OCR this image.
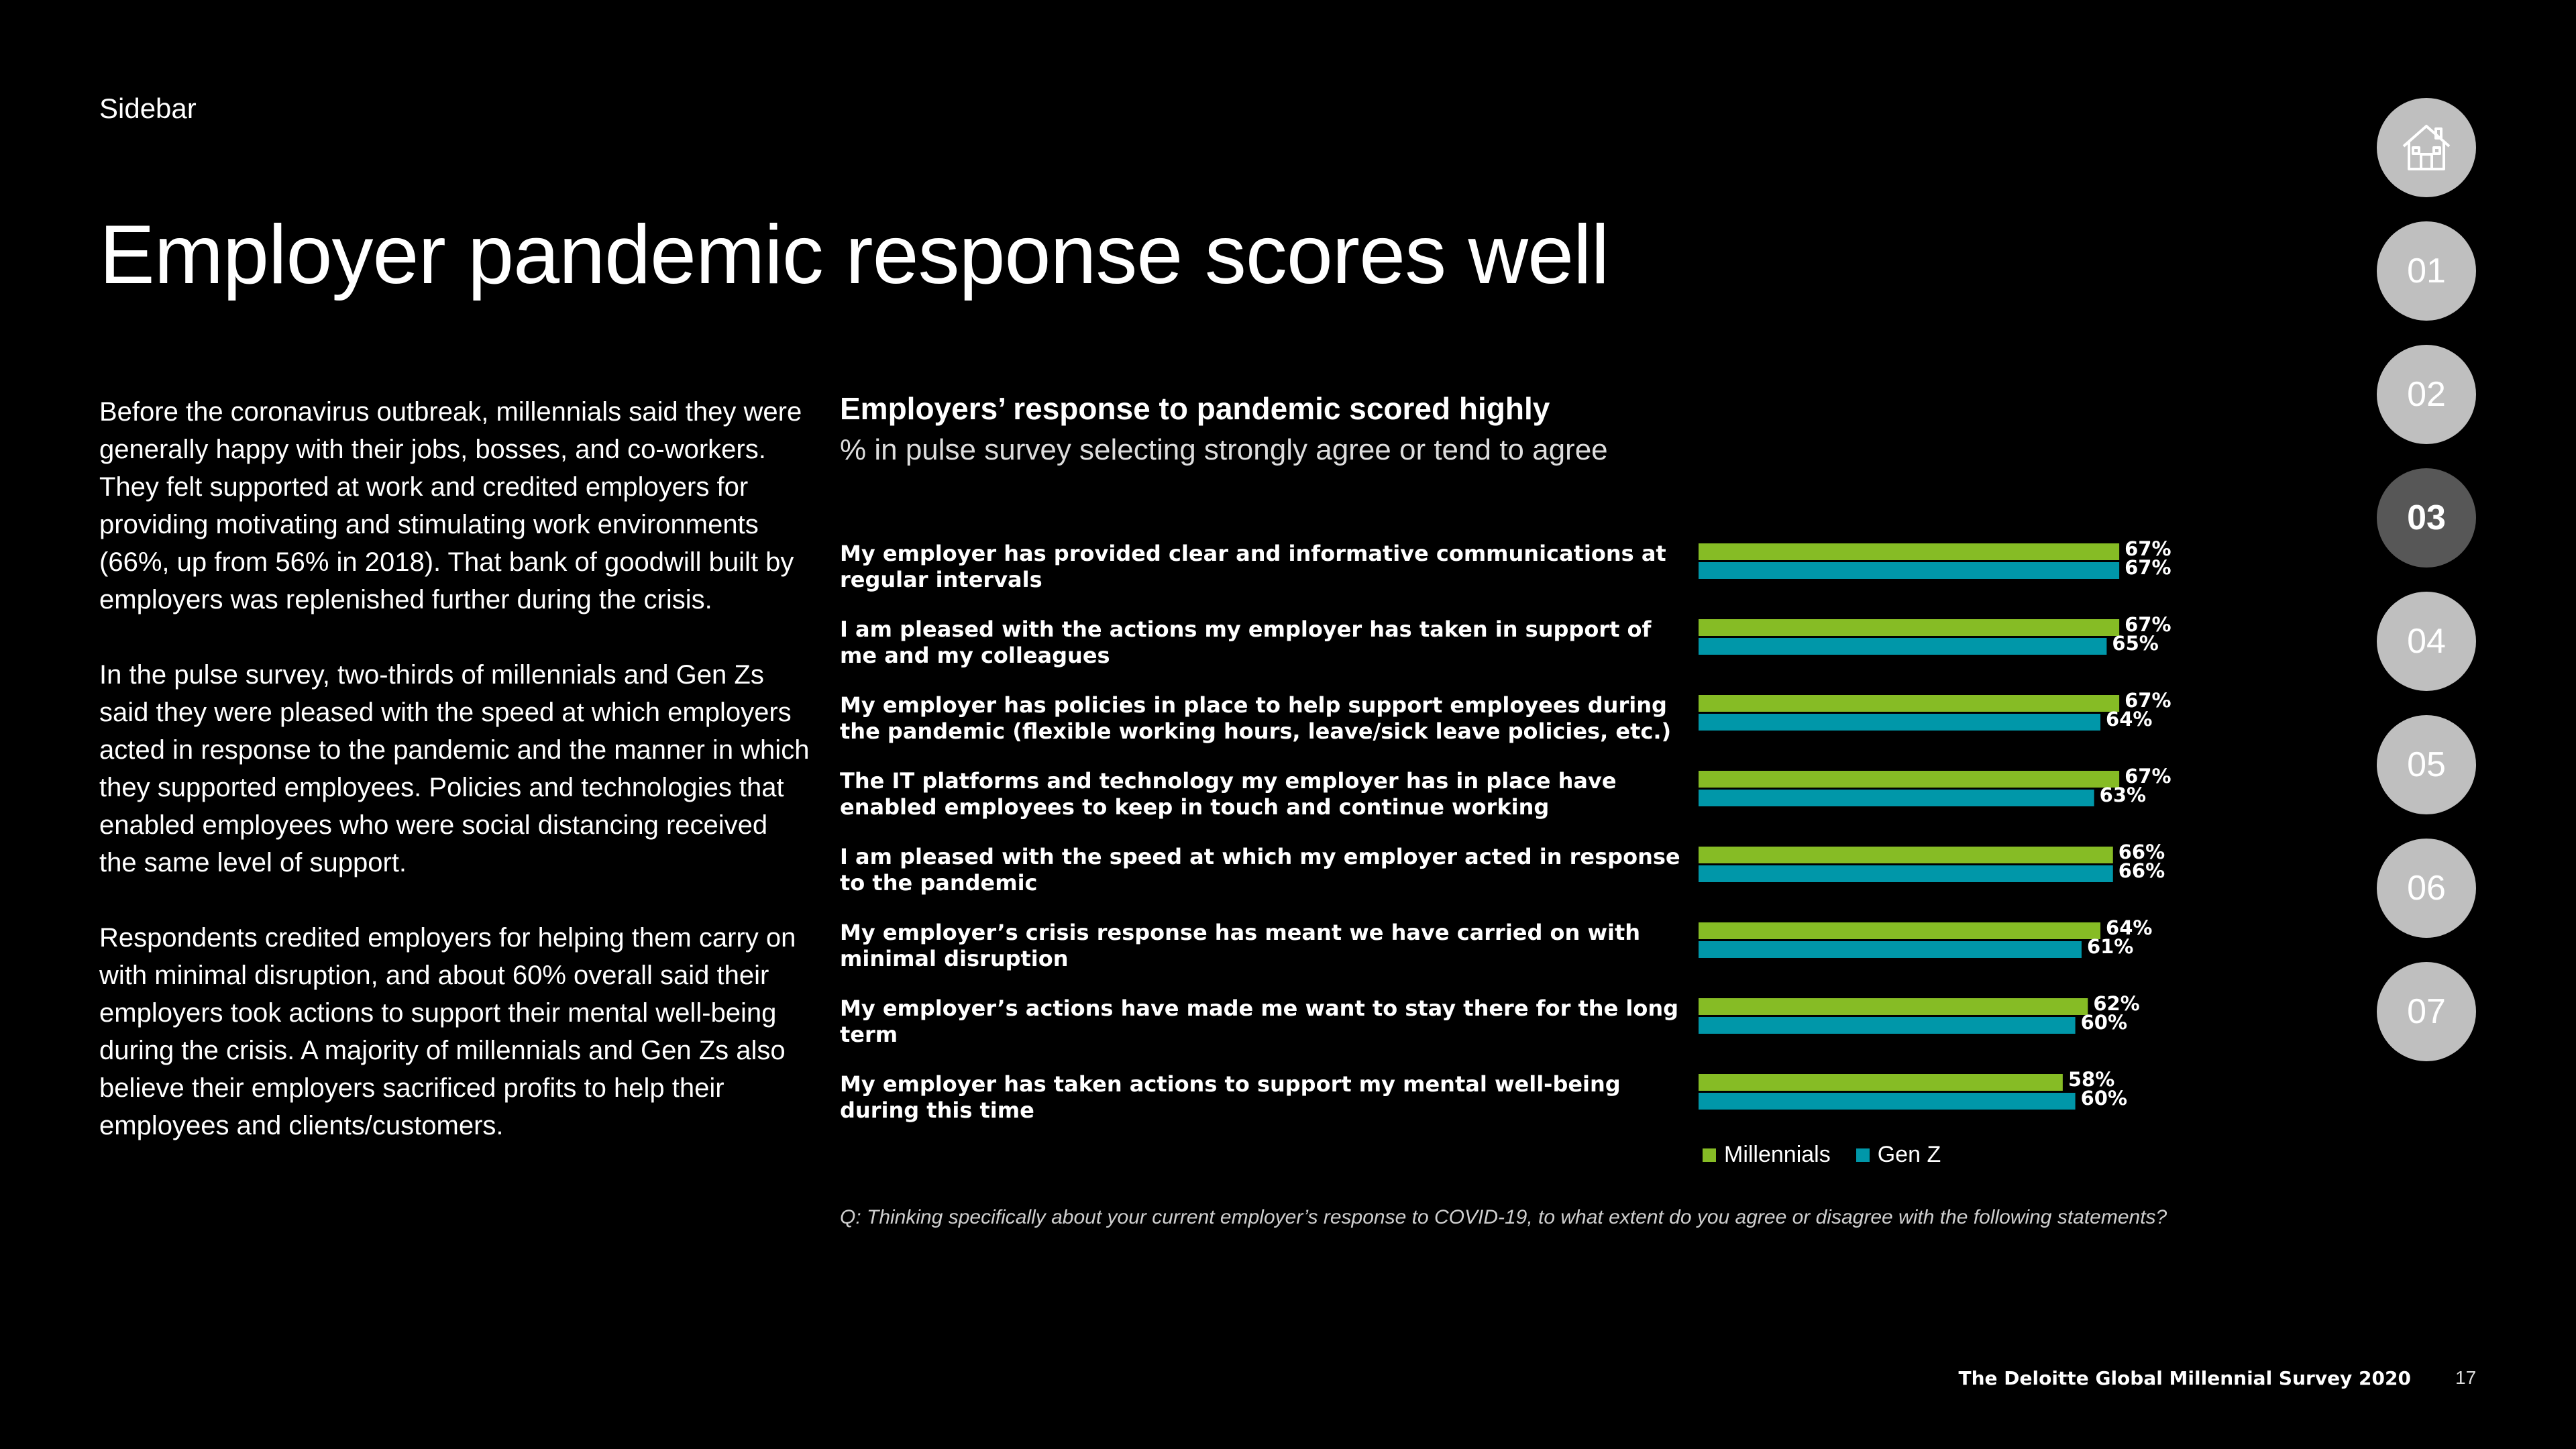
Sidebar
Employer pandemic response scores well

Before the coronavirus outbreak, millennials said they were generally happy with their jobs, bosses, and co-workers. They felt supported at work and credited employers for providing motivating and stimulating work environments (66%, up from 56% in 2018). That bank of goodwill built by employers was replenished further during the crisis.

In the pulse survey, two-thirds of millennials and Gen Zs said they were pleased with the speed at which employers acted in response to the pandemic and the manner in which they supported employees. Policies and technologies that enabled employees who were social distancing received the same level of support.

Respondents credited employers for helping them carry on with minimal disruption, and about 60% overall said their employers took actions to support their mental well-being during the crisis. A majority of millennials and Gen Zs also believe their employers sacrificed profits to help their employees and clients/customers.

Employers’ response to pandemic scored highly
% in pulse survey selecting strongly agree or tend to agree
My employer has provided clear and informative communications at regular intervals
I am pleased with the actions my employer has taken in support of me and my colleagues
My employer has policies in place to help support employees during the pandemic (flexible working hours, leave/sick leave policies, etc.)
The IT platforms and technology my employer has in place have enabled employees to keep in touch and continue working
I am pleased with the speed at which my employer acted in response to the pandemic
My employer’s crisis response has meant we have carried on with minimal disruption
My employer’s actions have made me want to stay there for the long term
My employer has taken actions to support my mental well-being during this time
67%
67%
67%
65%
67%
64%
67%
63%
66%
66%
64%
61%
62%
60%
58%
60%
Millennials Gen Z
Q: Thinking specifically about your current employer’s response to COVID-19, to what extent do you agree or disagree with the following statements?
01
02
03
04
05
06
07
The Deloitte Global Millennial Survey 2020 17
